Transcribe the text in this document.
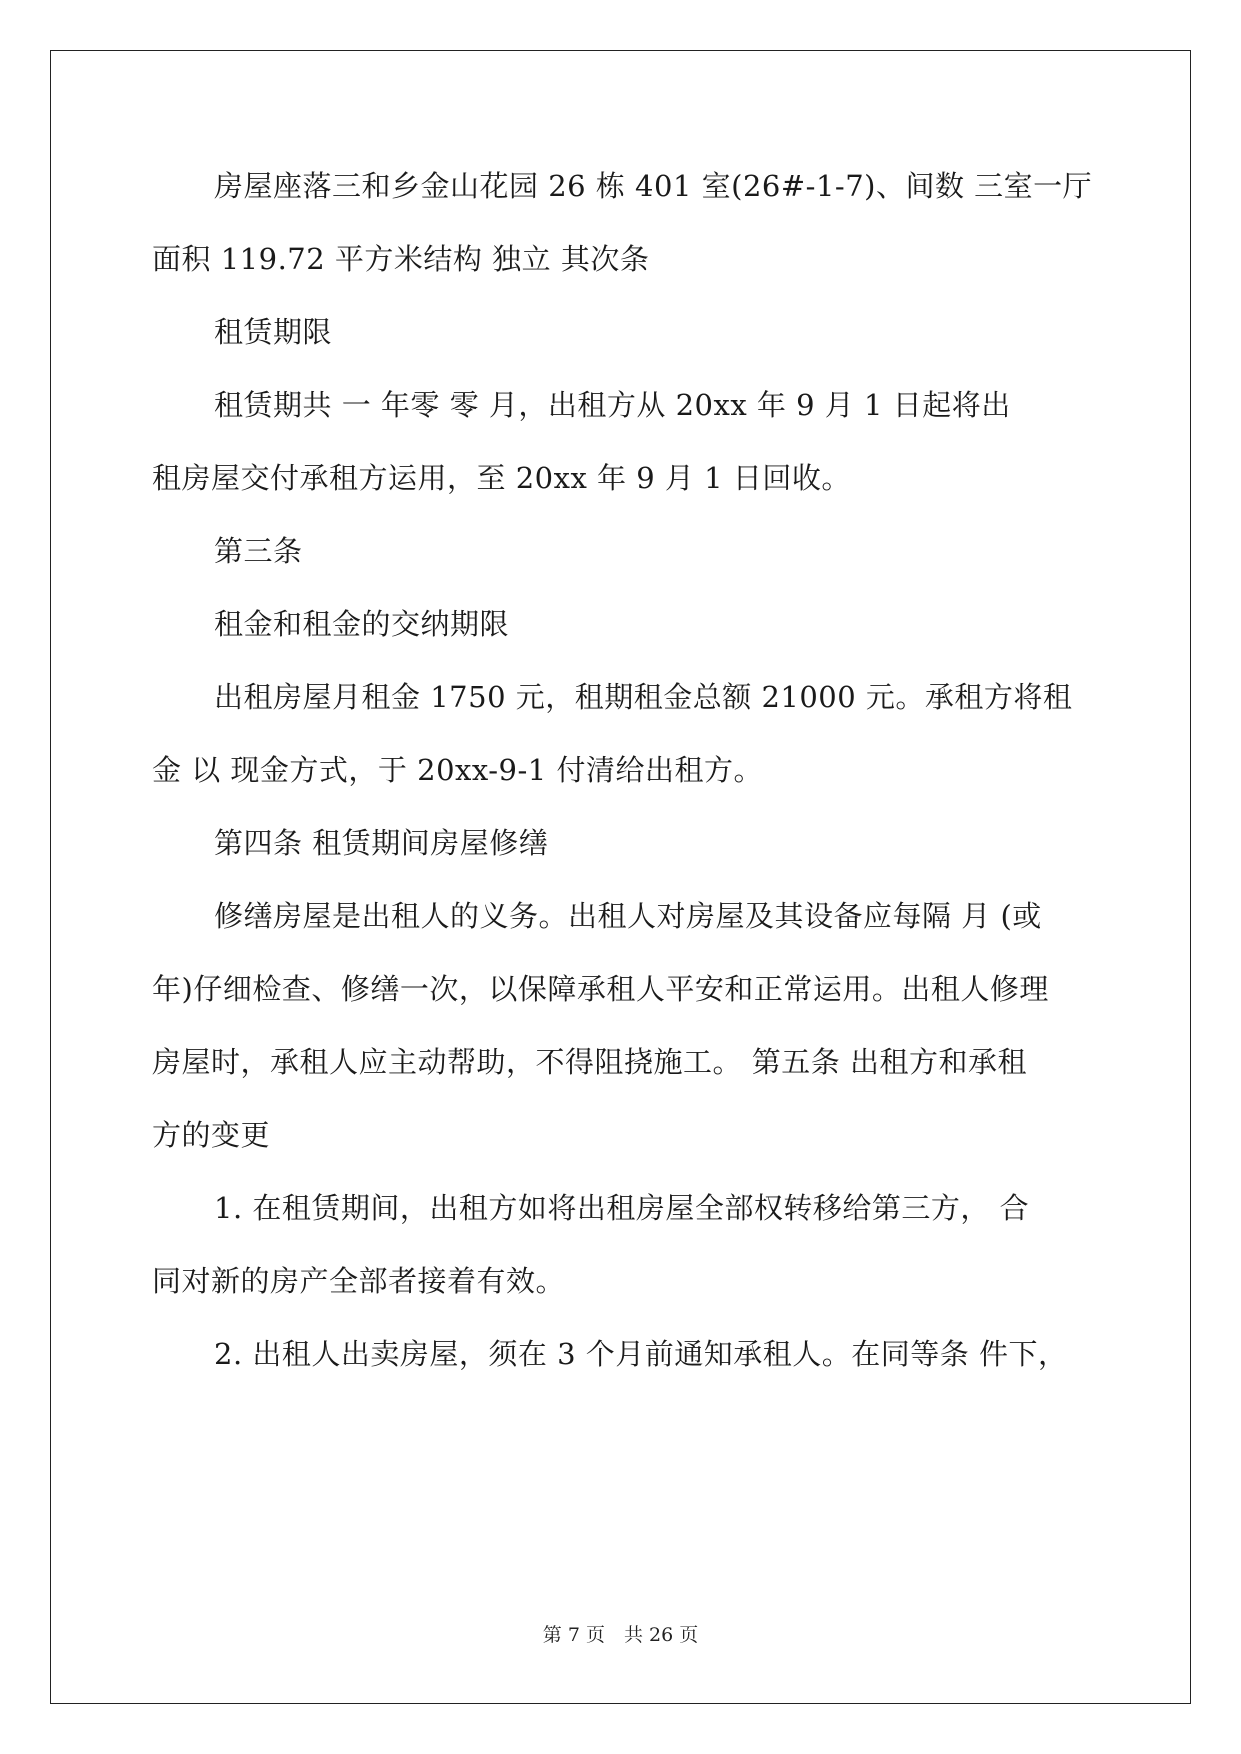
房屋座落三和乡金山花园 26 栋 401 室(26#-1-7)、间数 三室一厅
面积 119.72 平方米结构 独立 其次条
租赁期限
租赁期共 一 年零 零 月，出租方从 20xx 年 9 月 1 日起将出
租房屋交付承租方运用，至 20xx 年 9 月 1 日回收。
第三条
租金和租金的交纳期限
出租房屋月租金 1750 元，租期租金总额 21000 元。承租方将租
金 以 现金方式，于 20xx-9-1 付清给出租方。
第四条 租赁期间房屋修缮
修缮房屋是出租人的义务。出租人对房屋及其设备应每隔 月 (或
年)仔细检查、修缮一次，以保障承租人平安和正常运用。出租人修理
房屋时，承租人应主动帮助，不得阻挠施工。 第五条 出租方和承租
方的变更
1. 在租赁期间，出租方如将出租房屋全部权转移给第三方， 合
同对新的房产全部者接着有效。
2. 出租人出卖房屋，须在 3 个月前通知承租人。在同等条 件下，
第 7 页　共 26 页
